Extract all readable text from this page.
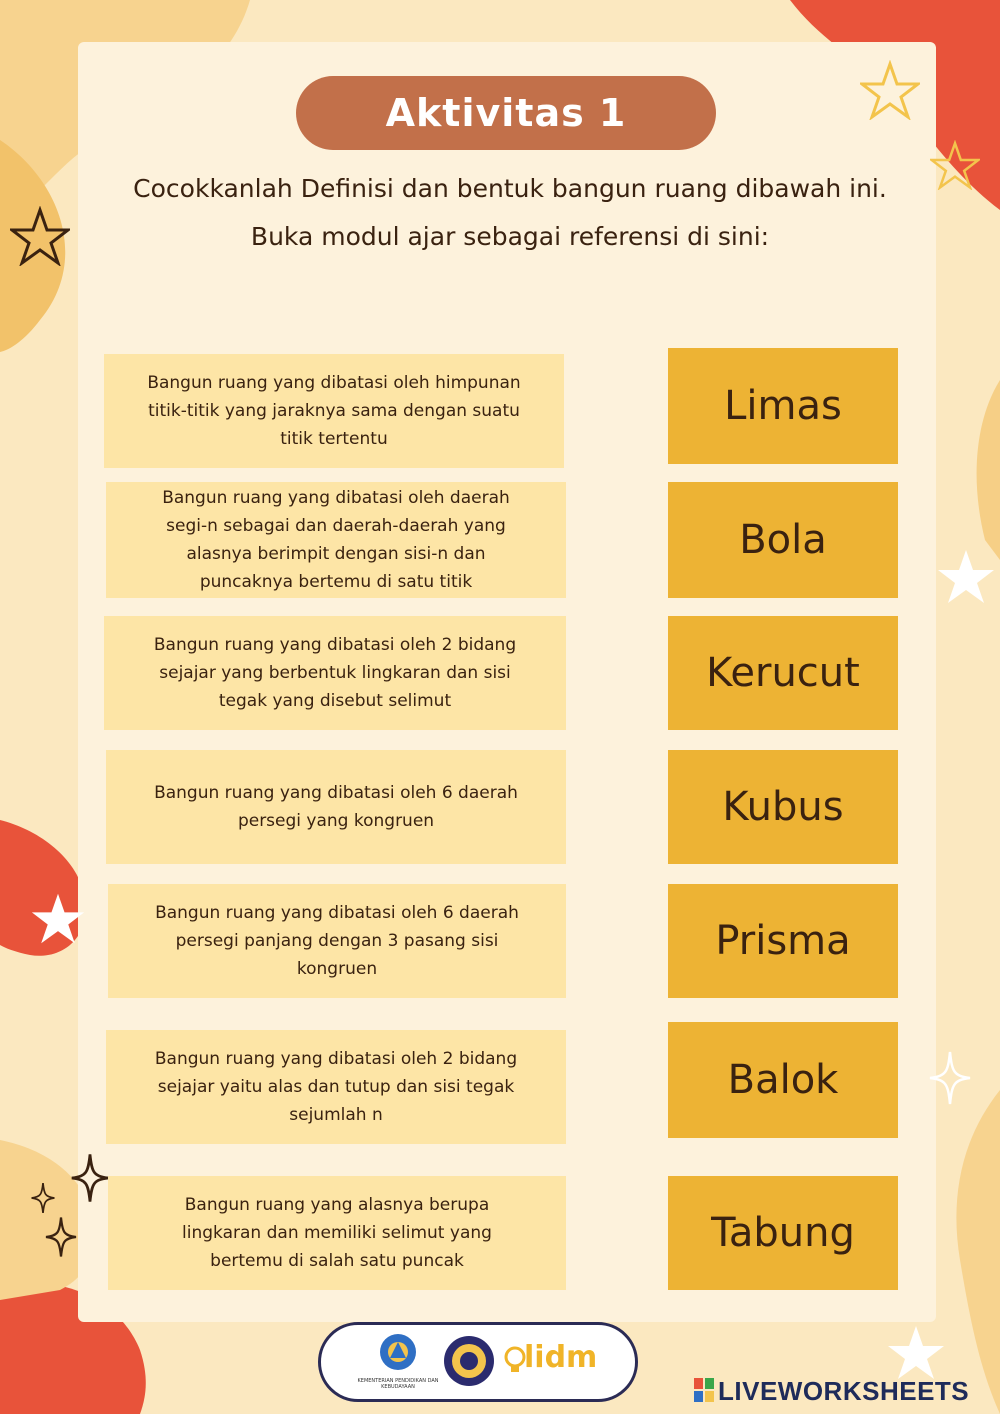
Aktivitas 1
Cocokkanlah Definisi dan bentuk bangun ruang dibawah ini.
Buka modul ajar sebagai referensi di sini:
Bangun ruang yang dibatasi oleh himpunan titik-titik yang jaraknya sama dengan suatu titik tertentu
Bangun ruang yang dibatasi oleh daerah segi-n sebagai dan daerah-daerah yang alasnya berimpit dengan sisi-n dan puncaknya bertemu di satu titik
Bangun ruang yang dibatasi oleh 2 bidang sejajar yang berbentuk lingkaran dan sisi tegak yang disebut selimut
Bangun ruang yang dibatasi oleh 6 daerah persegi yang kongruen
Bangun ruang yang dibatasi oleh 6 daerah persegi panjang dengan 3 pasang sisi kongruen
Bangun ruang yang dibatasi oleh 2 bidang sejajar yaitu alas dan tutup dan sisi tegak sejumlah n
Bangun ruang yang alasnya berupa lingkaran dan memiliki selimut yang bertemu di salah satu puncak
Limas
Bola
Kerucut
Kubus
Prisma
Balok
Tabung
KEMENTERIAN PENDIDIKAN DAN KEBUDAYAAN
lidm
LIVEWORKSHEETS
